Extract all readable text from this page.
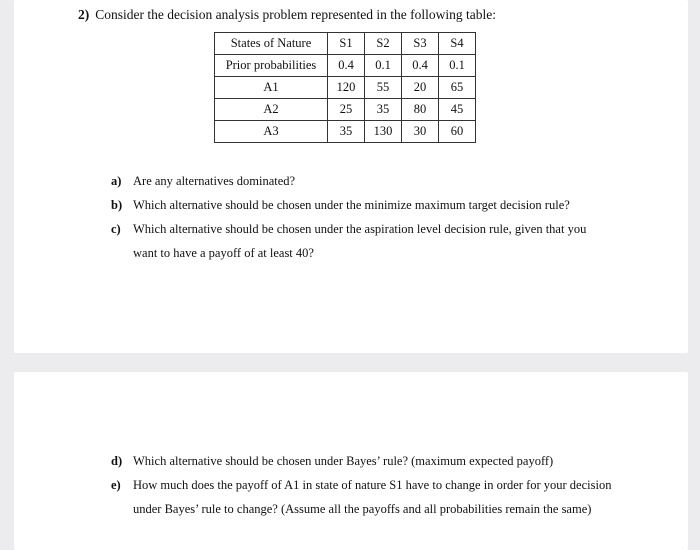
2) Consider the decision analysis problem represented in the following table:
States of Nature	S1	S2	S3	S4
Prior probabilities	0.4	0.1	0.4	0.1
A1	120	55	20	65
A2	25	35	80	45
A3	35	130	30	60
a) Are any alternatives dominated?
b) Which alternative should be chosen under the minimize maximum target decision rule?
c) Which alternative should be chosen under the aspiration level decision rule, given that you want to have a payoff of at least 40?
d) Which alternative should be chosen under Bayes’ rule? (maximum expected payoff)
e) How much does the payoff of A1 in state of nature S1 have to change in order for your decision under Bayes’ rule to change? (Assume all the payoffs and all probabilities remain the same)
